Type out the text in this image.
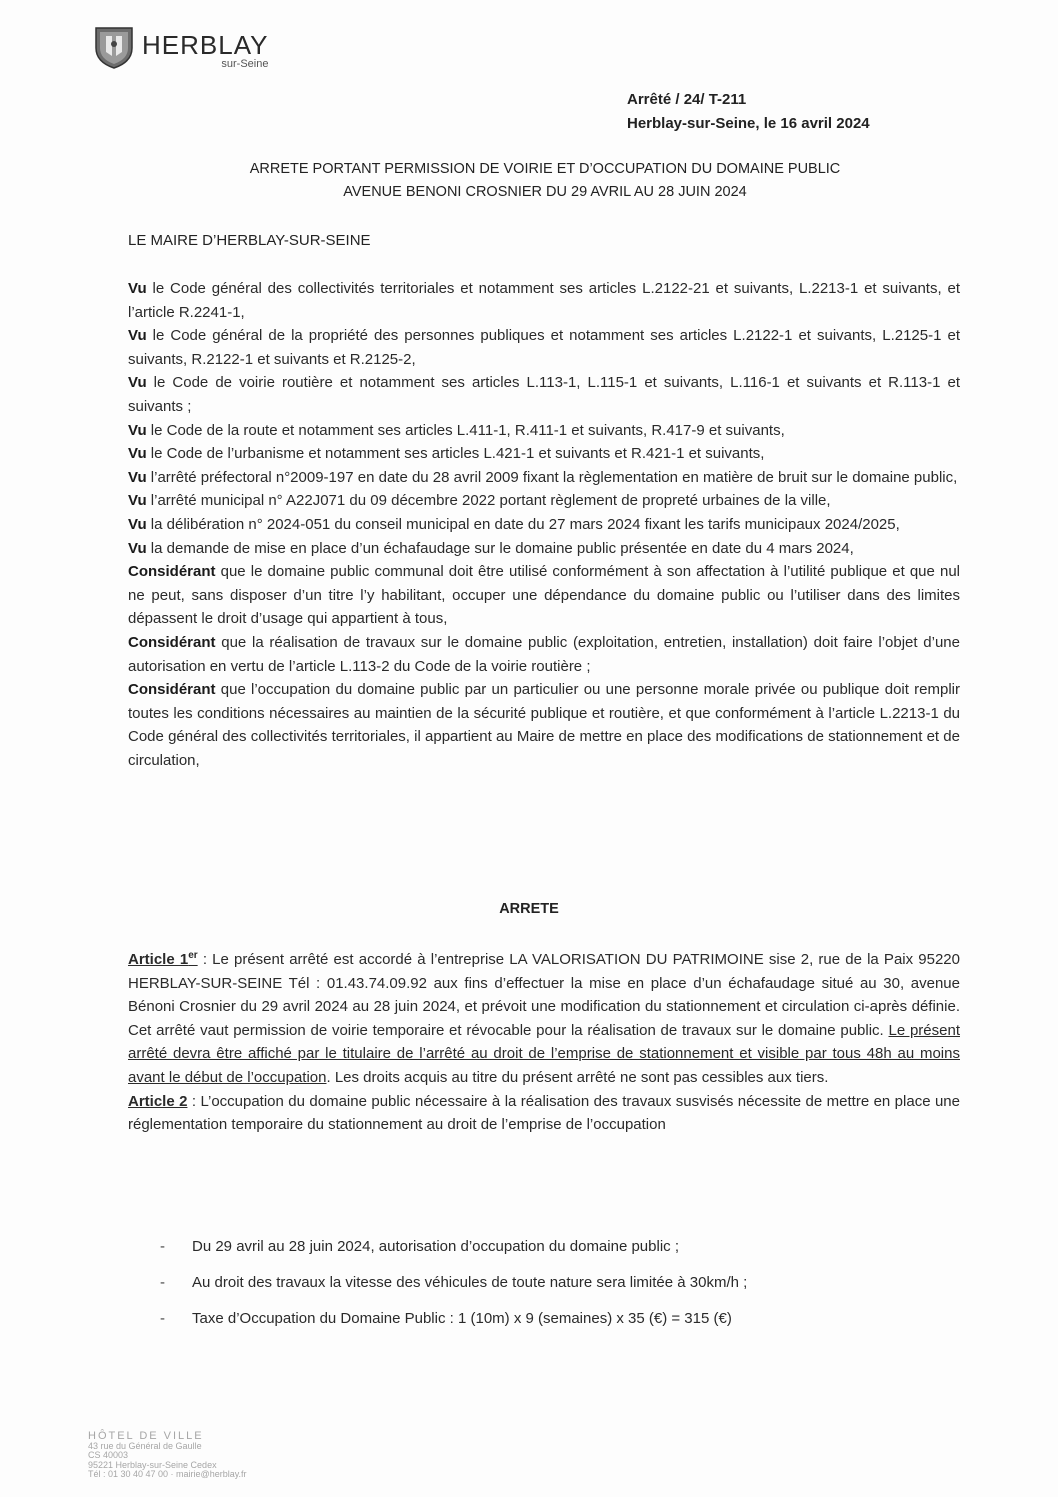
HERBLAY
sur-Seine
Arrêté / 24/ T-211
Herblay-sur-Seine, le 16 avril 2024
ARRETE PORTANT PERMISSION DE VOIRIE ET D’OCCUPATION DU DOMAINE PUBLIC
AVENUE BENONI CROSNIER DU 29 AVRIL AU 28 JUIN 2024
LE MAIRE D’HERBLAY-SUR-SEINE

Vu le Code général des collectivités territoriales et notamment ses articles L.2122-21 et suivants, L.2213-1 et suivants, et l’article R.2241-1,

Vu le Code général de la propriété des personnes publiques et notamment ses articles L.2122-1 et suivants, L.2125-1 et suivants, R.2122-1 et suivants et R.2125-2,

Vu le Code de voirie routière et notamment ses articles L.113-1, L.115-1 et suivants, L.116-1 et suivants et R.113-1 et suivants ;

Vu le Code de la route et notamment ses articles L.411-1, R.411-1 et suivants, R.417-9 et suivants,

Vu le Code de l’urbanisme et notamment ses articles L.421-1 et suivants et R.421-1 et suivants,

Vu l’arrêté préfectoral n°2009-197 en date du 28 avril 2009 fixant la règlementation en matière de bruit sur le domaine public,

Vu l’arrêté municipal n° A22J071 du 09 décembre 2022 portant règlement de propreté urbaines de la ville,

Vu la délibération n° 2024-051 du conseil municipal en date du 27 mars 2024 fixant les tarifs municipaux 2024/2025,

Vu la demande de mise en place d’un échafaudage sur le domaine public présentée en date du 4 mars 2024,

Considérant que le domaine public communal doit être utilisé conformément à son affectation à l’utilité publique et que nul ne peut, sans disposer d’un titre l’y habilitant, occuper une dépendance du domaine public ou l’utiliser dans des limites dépassent le droit d’usage qui appartient à tous,

Considérant que la réalisation de travaux sur le domaine public (exploitation, entretien, installation) doit faire l’objet d’une autorisation en vertu de l’article L.113-2 du Code de la voirie routière ;

Considérant que l’occupation du domaine public par un particulier ou une personne morale privée ou publique doit remplir toutes les conditions nécessaires au maintien de la sécurité publique et routière, et que conformément à l’article L.2213-1 du Code général des collectivités territoriales, il appartient au Maire de mettre en place des modifications de stationnement et de circulation,

ARRETE

Article 1er : Le présent arrêté est accordé à l’entreprise LA VALORISATION DU PATRIMOINE sise 2, rue de la Paix 95220 HERBLAY-SUR-SEINE Tél : 01.43.74.09.92 aux fins d’effectuer la mise en place d’un échafaudage situé au 30, avenue Bénoni Crosnier du 29 avril 2024 au 28 juin 2024, et prévoit une modification du stationnement et circulation ci-après définie. Cet arrêté vaut permission de voirie temporaire et révocable pour la réalisation de travaux sur le domaine public. Le présent arrêté devra être affiché par le titulaire de l’arrêté au droit de l’emprise de stationnement et visible par tous 48h au moins avant le début de l’occupation. Les droits acquis au titre du présent arrêté ne sont pas cessibles aux tiers.

Article 2 : L’occupation du domaine public nécessaire à la réalisation des travaux susvisés nécessite de mettre en place une réglementation temporaire du stationnement au droit de l’emprise de l’occupation

-	Du 29 avril au 28 juin 2024, autorisation d’occupation du domaine public ;
-	Au droit des travaux la vitesse des véhicules de toute nature sera limitée à 30km/h ;
-	Taxe d’Occupation du Domaine Public : 1 (10m) x 9 (semaines) x 35 (€) = 315 (€)
HÔTEL DE VILLE
43 rue du Général de Gaulle
CS 40003
95221 Herblay-sur-Seine Cedex
Tél : 01 30 40 47 00 · mairie@herblay.fr
